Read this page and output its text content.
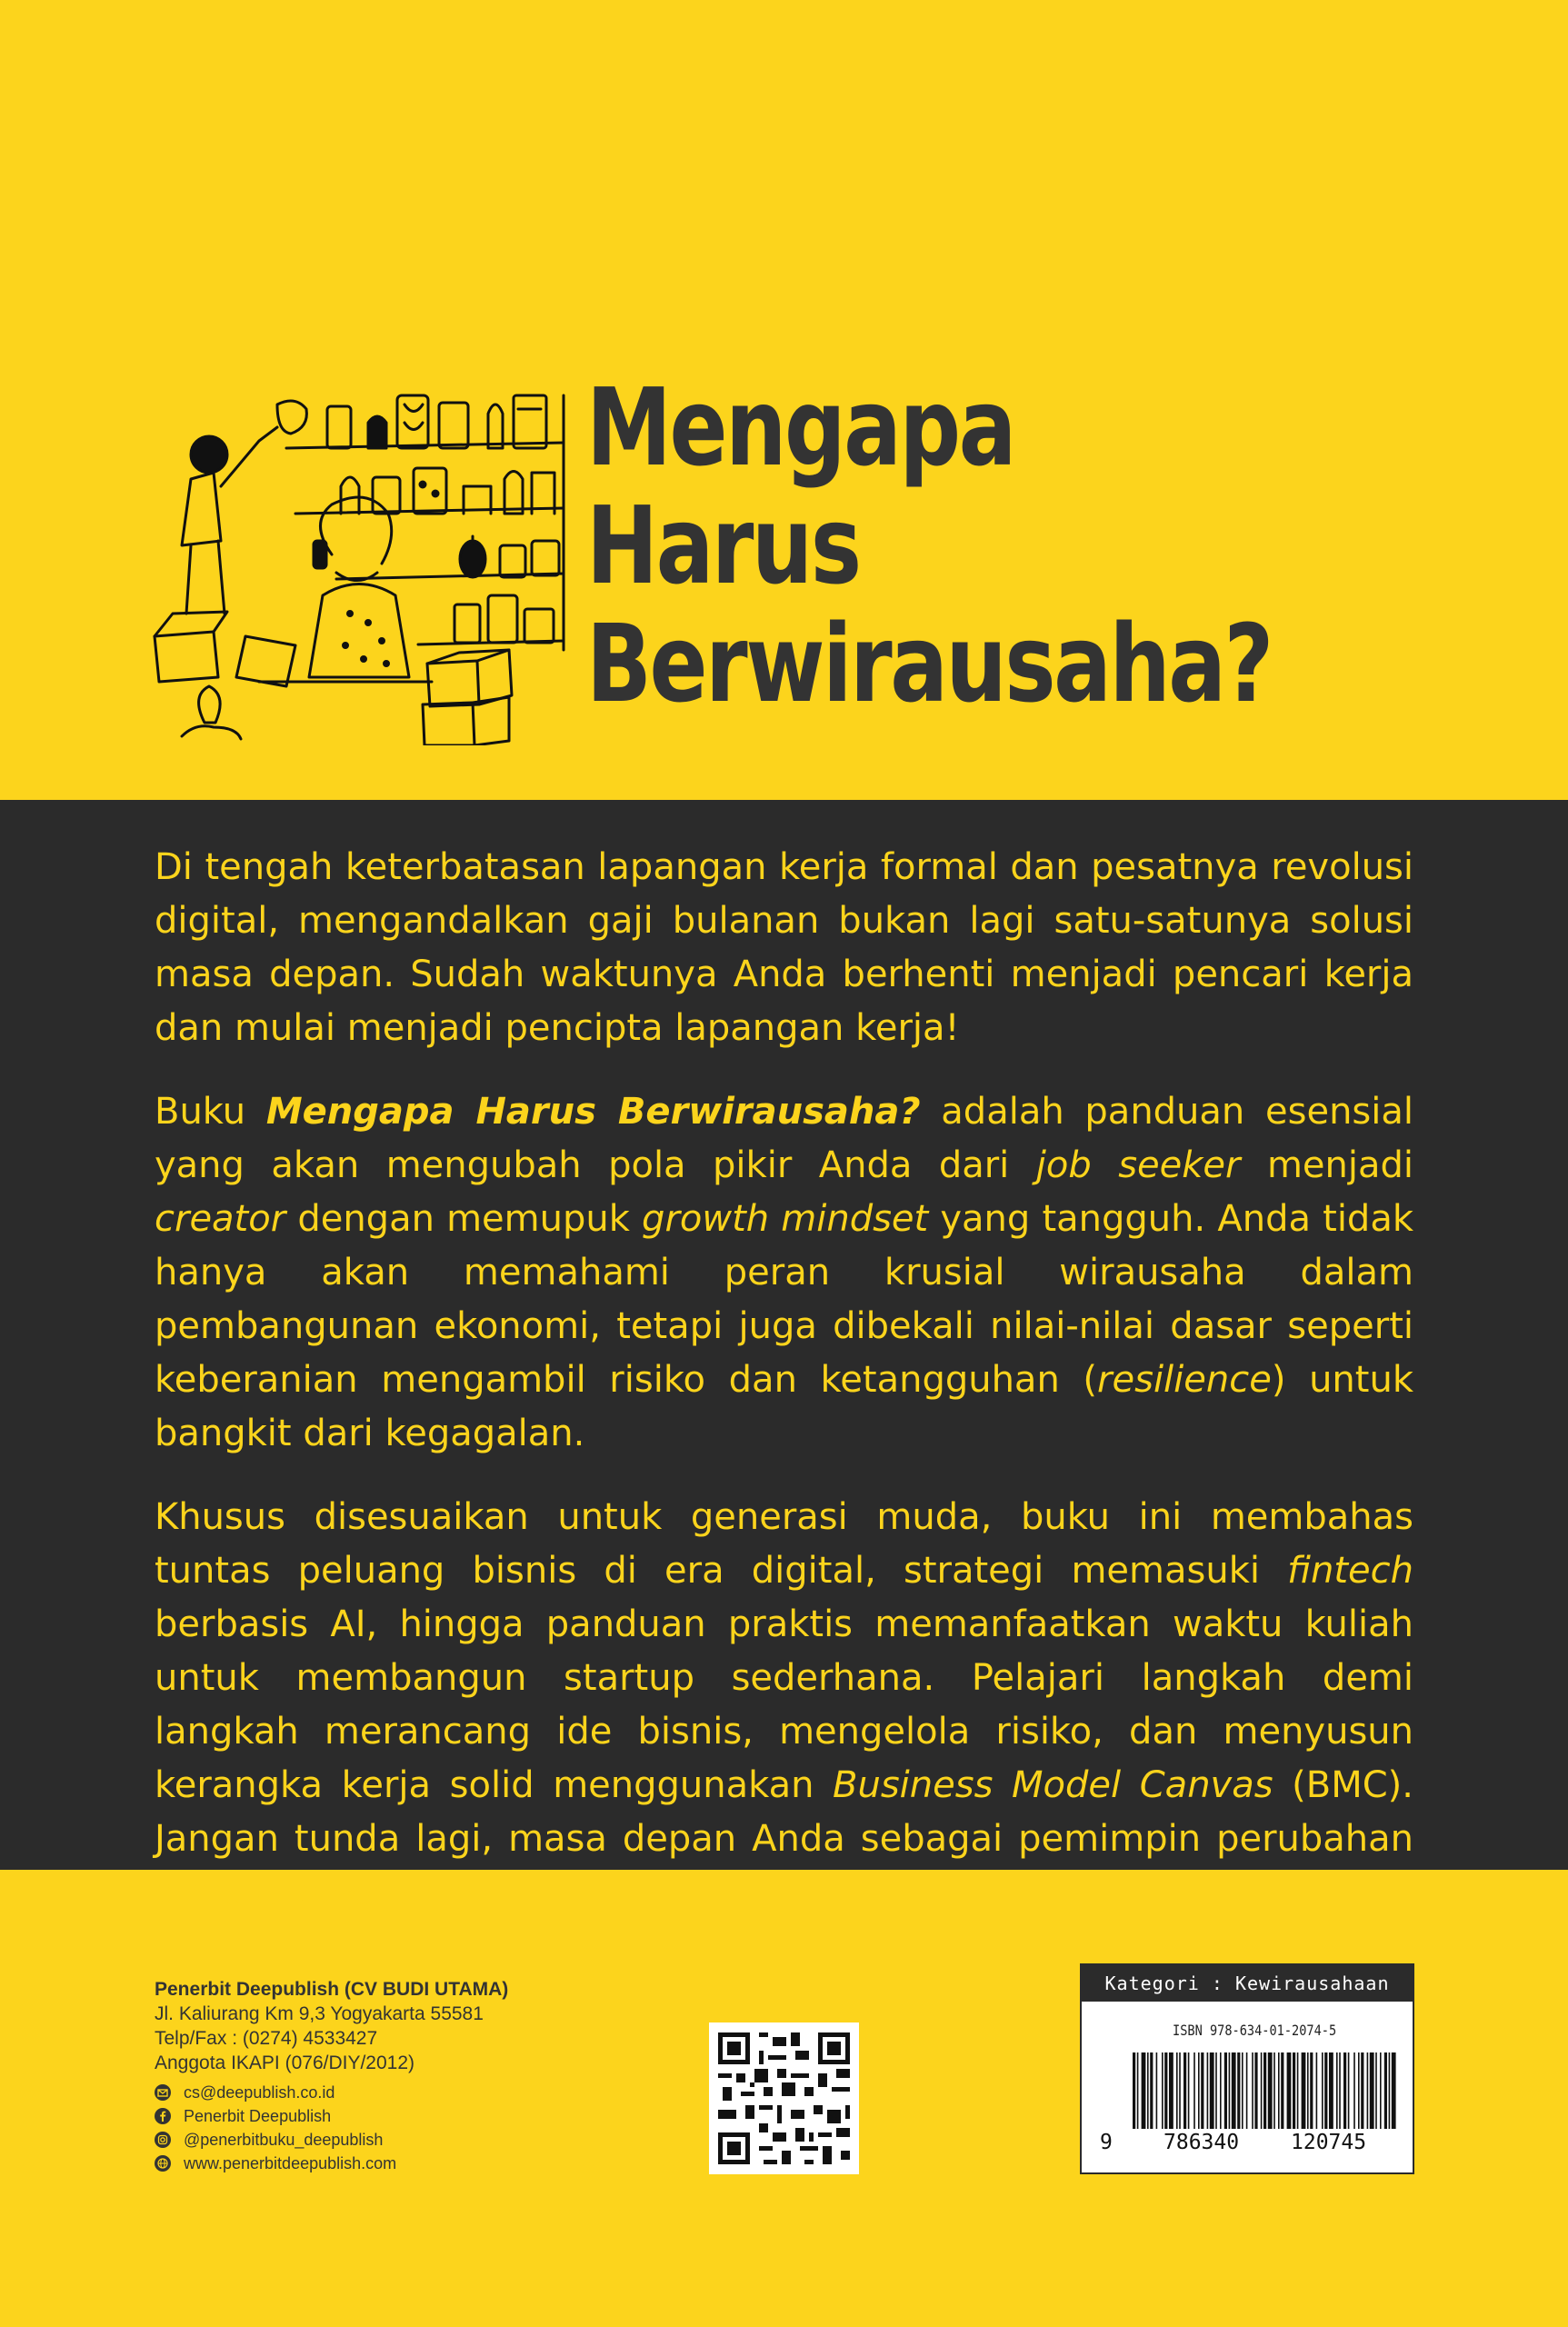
Mengapa
Harus
Berwirausaha?

Di tengah keterbatasan lapangan kerja formal dan pesatnya revolusi digital, mengandalkan gaji bulanan bukan lagi satu-satunya solusi masa depan. Sudah waktunya Anda berhenti menjadi pencari kerja dan mulai menjadi pencipta lapangan kerja!

Buku Mengapa Harus Berwirausaha? adalah panduan esensial yang akan mengubah pola pikir Anda dari job seeker menjadi creator dengan memupuk growth mindset yang tangguh. Anda tidak hanya akan memahami peran krusial wirausaha dalam pembangunan ekonomi, tetapi juga dibekali nilai-nilai dasar seperti keberanian mengambil risiko dan ketangguhan (resilience) untuk bangkit dari kegagalan.

Khusus disesuaikan untuk generasi muda, buku ini membahas tuntas peluang bisnis di era digital, strategi memasuki fintech berbasis AI, hingga panduan praktis memanfaatkan waktu kuliah untuk membangun startup sederhana. Pelajari langkah demi langkah merancang ide bisnis, mengelola risiko, dan menyusun kerangka kerja solid menggunakan Business Model Canvas (BMC). Jangan tunda lagi, masa depan Anda sebagai pemimpin perubahan dimulai sekarang!

Penerbit Deepublish (CV BUDI UTAMA)
Jl. Kaliurang Km 9,3 Yogyakarta 55581
Telp/Fax : (0274) 4533427
Anggota IKAPI (076/DIY/2012)
cs@deepublish.co.id
Penerbit Deepublish
@penerbitbuku_deepublish
www.penerbitdeepublish.com
Kategori : Kewirausahaan
ISBN 978-634-01-2074-5
9 786340 120745
